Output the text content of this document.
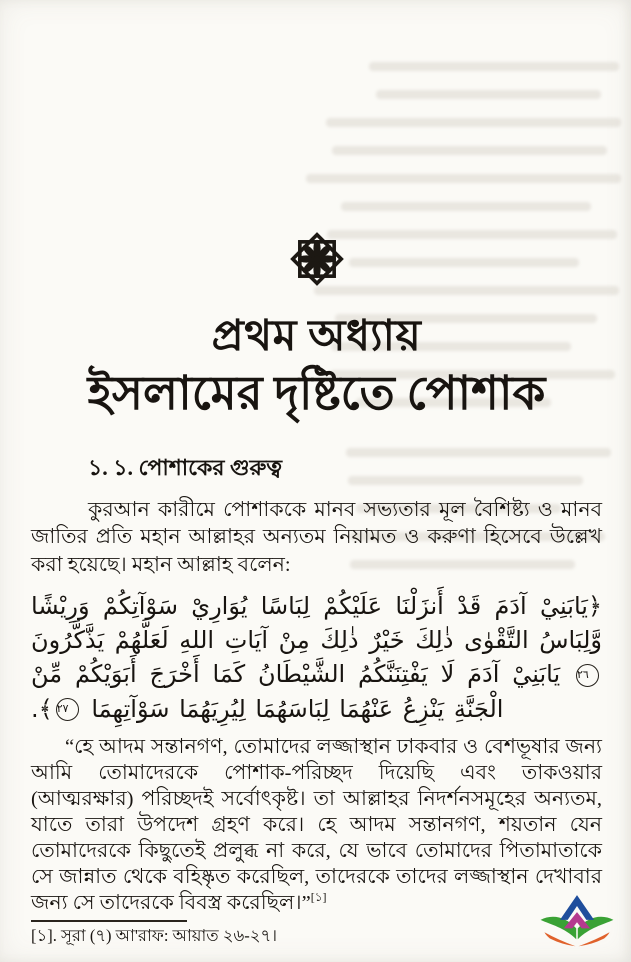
প্রথম অধ্যায়
ইসলামের দৃষ্টিতে পোশাক
১. ১. পোশাকের গুরুত্ব

কুরআন কারীমে পোশাককে মানব সভ্যতার মূল বৈশিষ্ট্য ও মানব জাতির প্রতি মহান আল্লাহর অন্যতম নিয়ামত ও করুণা হিসেবে উল্লেখ করা হয়েছে। মহান আল্লাহ বলেন:

﴿يَابَنِيْ آدَمَ قَدْ أَنزَلْنَا عَلَيْكُمْ لِبَاسًا يُوَارِيْ سَوْآتِكُمْ وَرِيْشًا وَّلِبَاسُ التَّقْوٰى ذٰلِكَ خَيْرٌ ذٰلِكَ مِنْ آيَاتِ اللهِ لَعَلَّهُمْ يَذَّكَّرُونَ ٢٦ يَابَنِيْ آدَمَ لَا يَفْتِنَنَّكُمُ الشَّيْطَانُ كَمَا أَخْرَجَ أَبَوَيْكُمْ مِّنْ الْجَنَّةِ يَنْزِعُ عَنْهُمَا لِبَاسَهُمَا لِيُرِيَهُمَا سَوْآتِهِمَا ٢٧﴾.

“হে আদম সন্তানগণ, তোমাদের লজ্জাস্থান ঢাকবার ও বেশভূষার জন্য আমি তোমাদেরকে পোশাক-পরিচ্ছদ দিয়েছি এবং তাকওয়ার (আত্মরক্ষার) পরিচ্ছদই সর্বোৎকৃষ্ট। তা আল্লাহর নিদর্শনসমূহের অন্যতম, যাতে তারা উপদেশ গ্রহণ করে। হে আদম সন্তানগণ, শয়তান যেন তোমাদেরকে কিছুতেই প্রলুব্ধ না করে, যে ভাবে তোমাদের পিতামাতাকে সে জান্নাত থেকে বহিষ্কৃত করেছিল, তাদেরকে তাদের লজ্জাস্থান দেখাবার জন্য সে তাদেরকে বিবস্ত্র করেছিল।”[১]

[১]. সূরা (৭) আ'রাফ: আয়াত ২৬-২৭।
